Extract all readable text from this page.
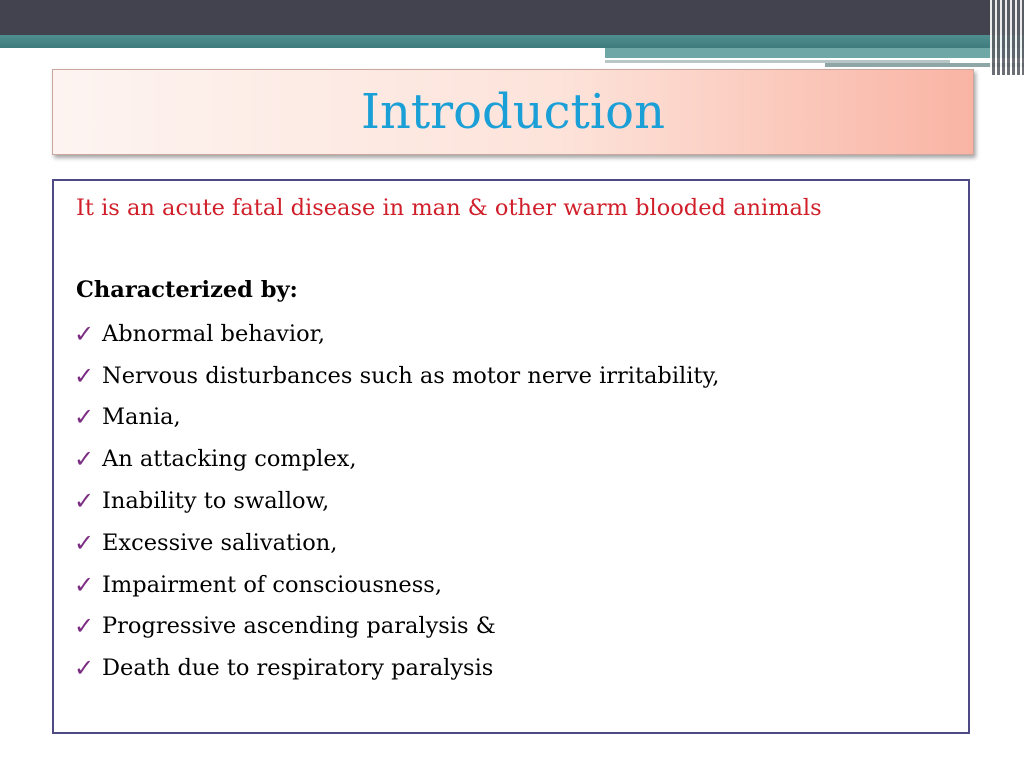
Introduction

It is an acute fatal disease in man & other warm blooded animals

Characterized by:

✓ Abnormal behavior,
✓ Nervous disturbances such as motor nerve irritability,
✓ Mania,
✓ An attacking complex,
✓ Inability to swallow,
✓ Excessive salivation,
✓ Impairment of consciousness,
✓ Progressive ascending paralysis &
✓ Death due to respiratory paralysis
